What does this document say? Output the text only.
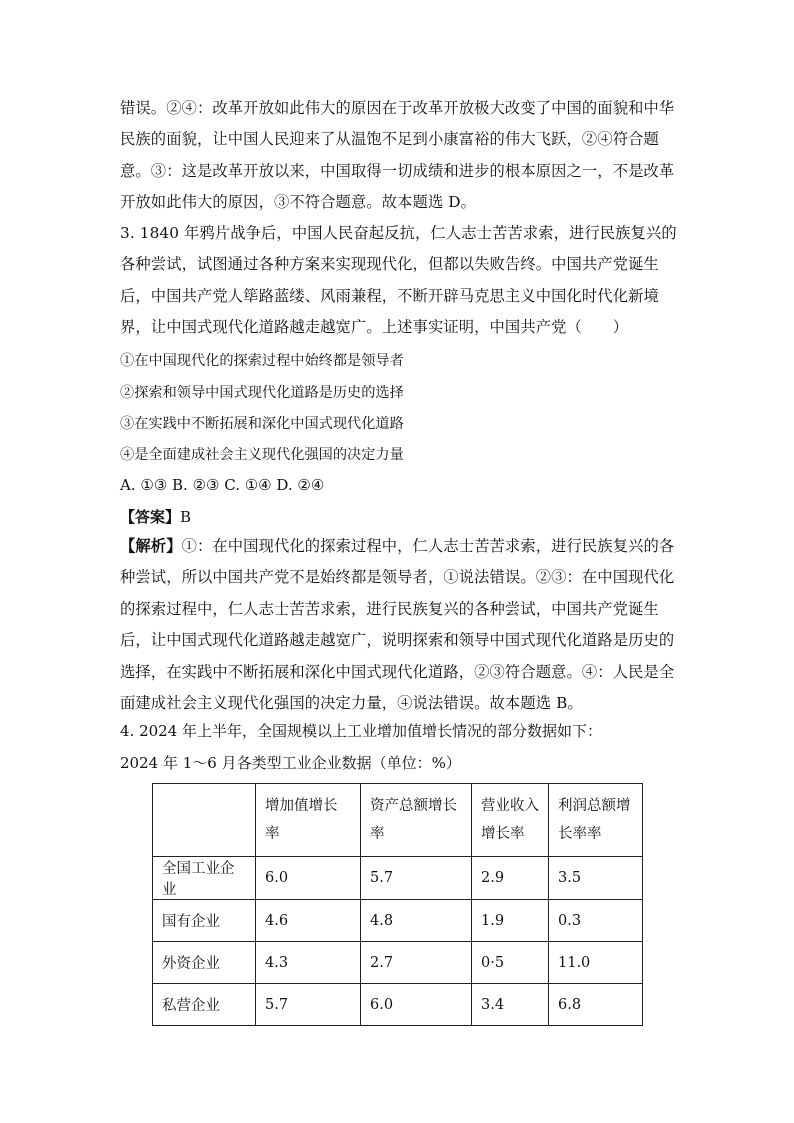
错误。②④：改革开放如此伟大的原因在于改革开放极大改变了中国的面貌和中华民族的面貌，让中国人民迎来了从温饱不足到小康富裕的伟大飞跃，②④符合题意。③：这是改革开放以来，中国取得一切成绩和进步的根本原因之一，不是改革开放如此伟大的原因，③不符合题意。故本题选 D。
3. 1840 年鸦片战争后，中国人民奋起反抗，仁人志士苦苦求索，进行民族复兴的各种尝试，试图通过各种方案来实现现代化，但都以失败告终。中国共产党诞生后，中国共产党人筚路蓝缕、风雨兼程，不断开辟马克思主义中国化时代化新境界，让中国式现代化道路越走越宽广。上述事实证明，中国共产党（　　）
①在中国现代化的探索过程中始终都是领导者
②探索和领导中国式现代化道路是历史的选择
③在实践中不断拓展和深化中国式现代化道路
④是全面建成社会主义现代化强国的决定力量
A. ①③ B. ②③ C. ①④ D. ②④
【答案】B
【解析】①：在中国现代化的探索过程中，仁人志士苦苦求索，进行民族复兴的各种尝试，所以中国共产党不是始终都是领导者，①说法错误。②③：在中国现代化的探索过程中，仁人志士苦苦求索，进行民族复兴的各种尝试，中国共产党诞生后，让中国式现代化道路越走越宽广，说明探索和领导中国式现代化道路是历史的选择，在实践中不断拓展和深化中国式现代化道路，②③符合题意。④：人民是全面建成社会主义现代化强国的决定力量，④说法错误。故本题选 B。
4. 2024 年上半年，全国规模以上工业增加值增长情况的部分数据如下：
2024 年 1～6 月各类型工业企业数据（单位：%）
	增加值增长率	资产总额增长率	营业收入增长率	利润总额增长率率
全国工业企业	6.0	5.7	2.9	3.5
国有企业	4.6	4.8	1.9	0.3
外资企业	4.3	2.7	0·5	11.0
私营企业	5.7	6.0	3.4	6.8
